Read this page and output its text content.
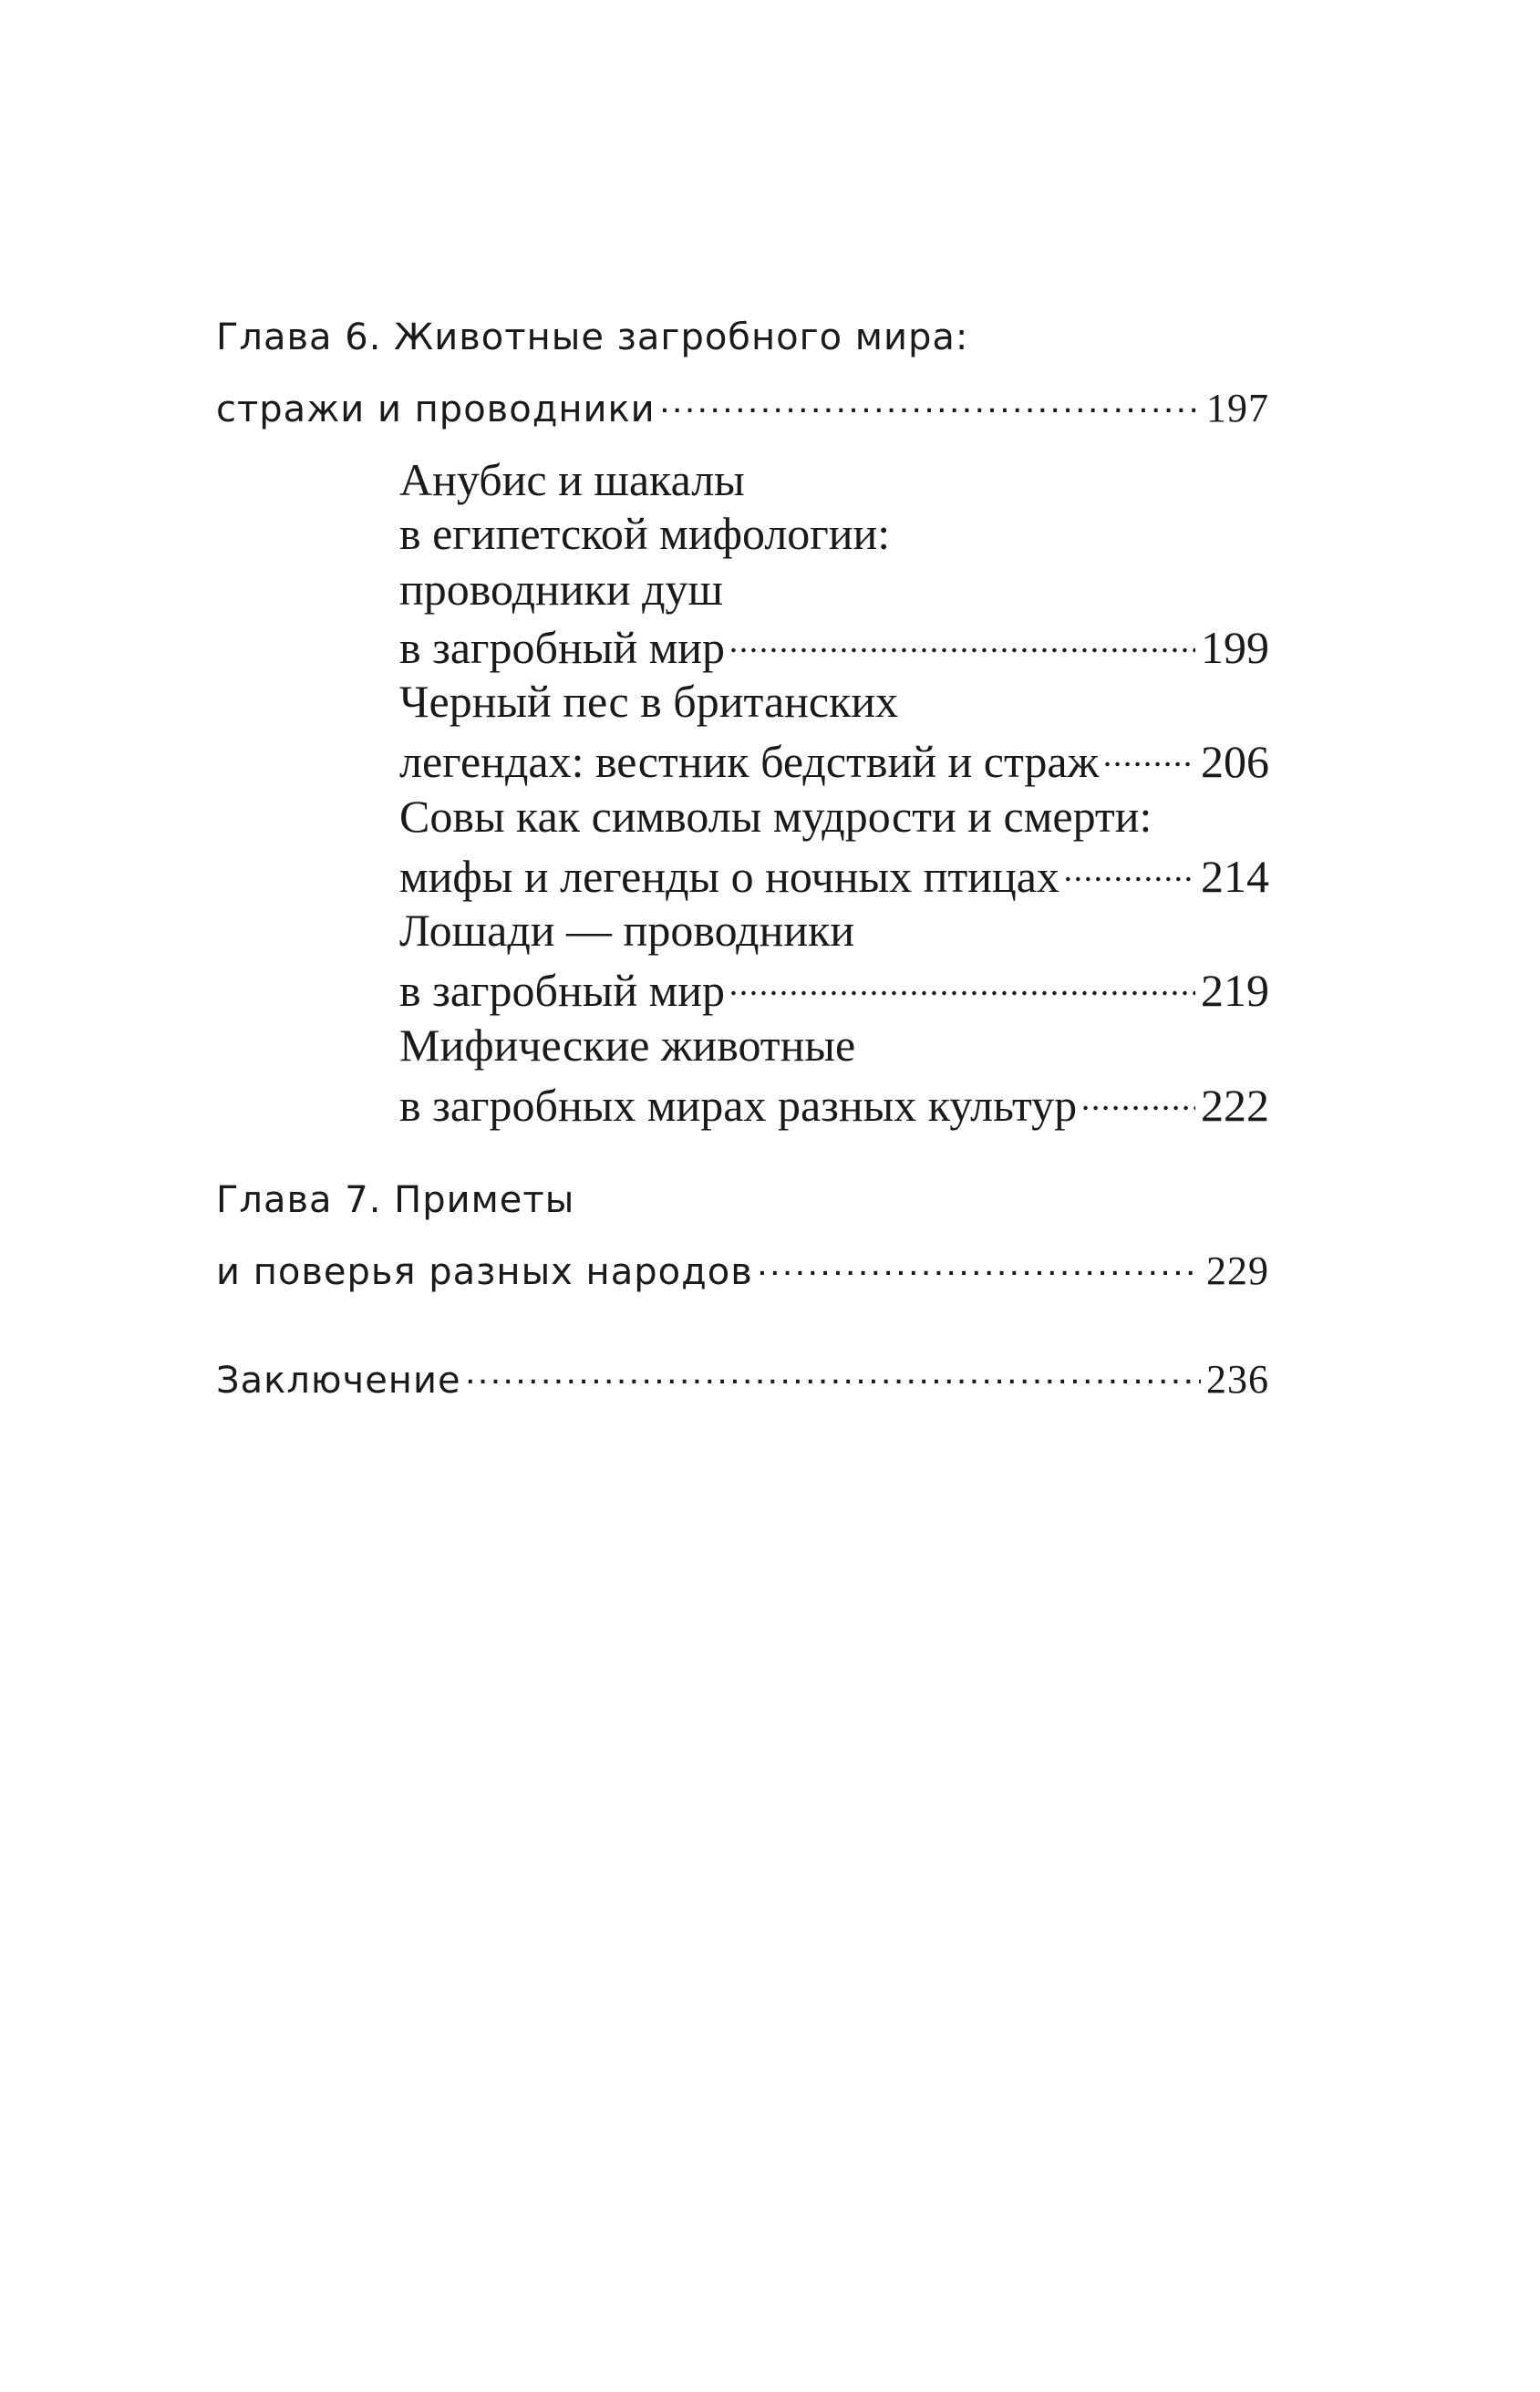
Глава 6. Животные загробного мира:
стражи и проводники . . .	197
Анубис и шакалы
в египетской мифологии:
проводники душ
в загробный мир . . .	199
Черный пес в британских
легендах: вестник бедствий и страж . . . 206
Совы как символы мудрости и смерти:
мифы и легенды о ночных птицах . . .	214
Лошади — проводники
в загробный мир . . .	219
Мифические животные
в загробных мирах разных культур . . .	222
Глава 7. Приметы
и поверья разных народов . . .	229
Заключение . . .	236
